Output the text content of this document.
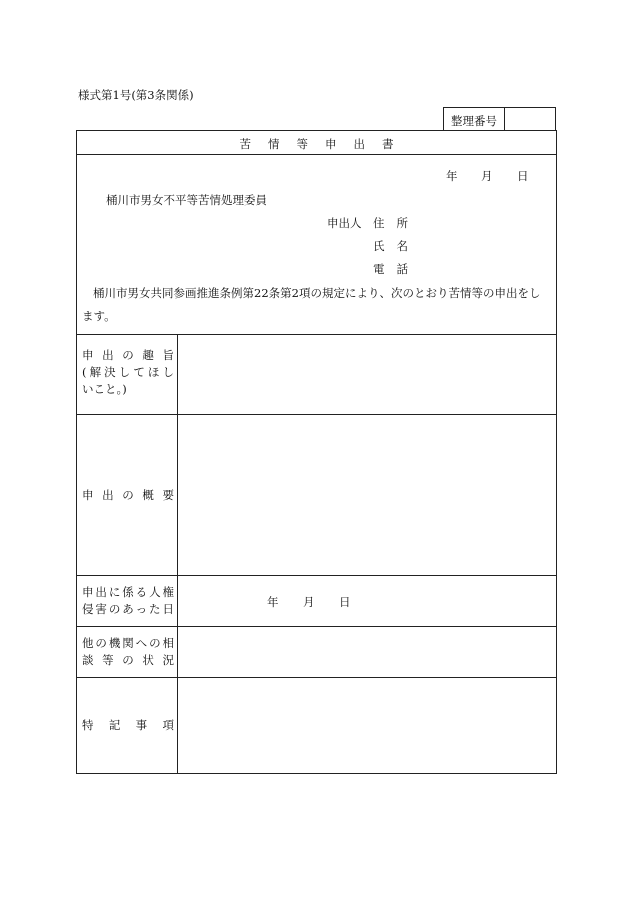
様式第1号(第3条関係)
整理番号
苦情等申出書
年 月 日
桶川市男女不平等苦情処理委員
申出人 住 所
氏 名
電 話
桶川市男女共同参画推進条例第22条第2項の規定により、次のとおり苦情等の申出をし
ます。
申出の趣旨
(解決してほし
いこと。)
申出の概要
申出に係る人権
侵害のあった日	年 月 日
他の機関への相
談等の状況
特記事項
